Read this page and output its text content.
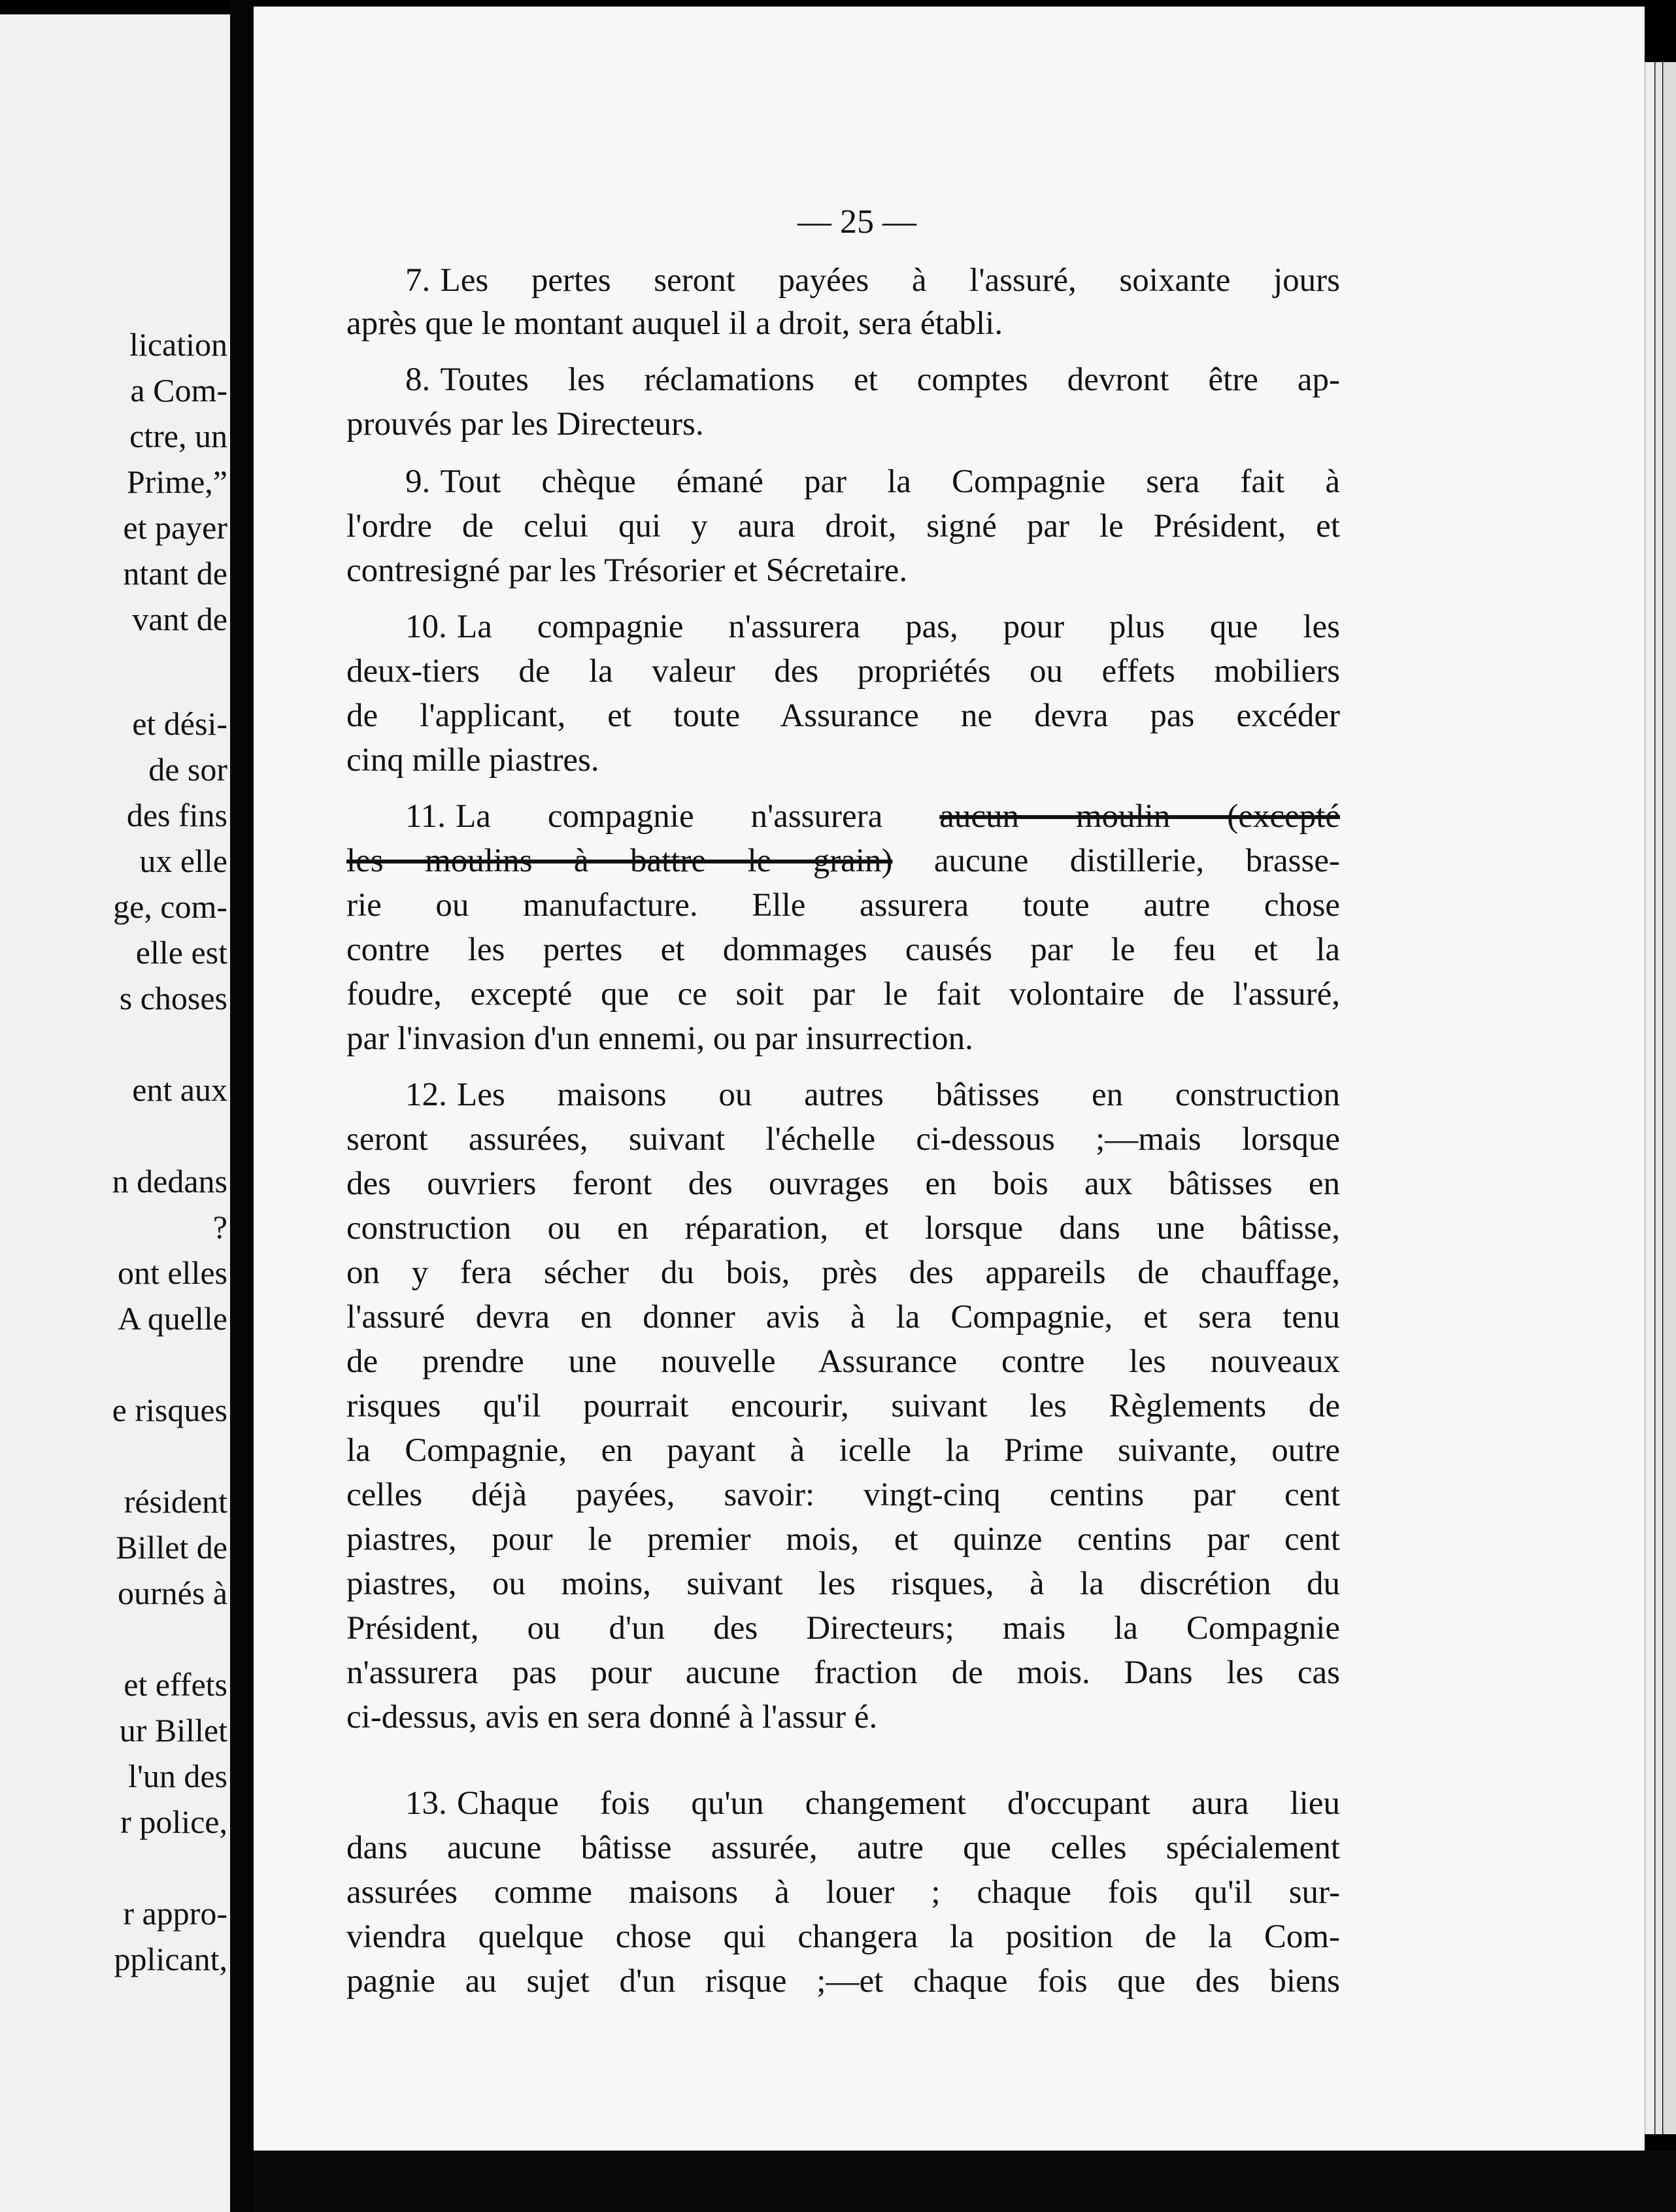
lication
a Com-
ctre, un
Prime,”
et payer
ntant de
vant de
et dési-
de sor
des fins
ux elle
ge, com-
elle est
s choses
ent aux
n dedans
?
ont elles
A quelle
e risques
résident
Billet de
ournés à
et effets
ur Billet
l'un des
r police,
r appro-
pplicant,
— 25 —
7. Les pertes seront payées à l'assuré, soixante jours
après que le montant auquel il a droit, sera établi.
8. Toutes les réclamations et comptes devront être ap-
prouvés par les Directeurs.
9. Tout chèque émané par la Compagnie sera fait à
l'ordre de celui qui y aura droit, signé par le Président, et
contresigné par les Trésorier et Sécretaire.
10. La compagnie n'assurera pas, pour plus que les
deux-tiers de la valeur des propriétés ou effets mobiliers
de l'applicant, et toute Assurance ne devra pas excéder
cinq mille piastres.
11. La compagnie n'assurera aucun moulin (excepté
les moulins à battre le grain) aucune distillerie, brasse-
rie ou manufacture. Elle assurera toute autre chose
contre les pertes et dommages causés par le feu et la
foudre, excepté que ce soit par le fait volontaire de l'assuré,
par l'invasion d'un ennemi, ou par insurrection.
12. Les maisons ou autres bâtisses en construction
seront assurées, suivant l'échelle ci-dessous ;—mais lorsque
des ouvriers feront des ouvrages en bois aux bâtisses en
construction ou en réparation, et lorsque dans une bâtisse,
on y fera sécher du bois, près des appareils de chauffage,
l'assuré devra en donner avis à la Compagnie, et sera tenu
de prendre une nouvelle Assurance contre les nouveaux
risques qu'il pourrait encourir, suivant les Règlements de
la Compagnie, en payant à icelle la Prime suivante, outre
celles déjà payées, savoir: vingt-cinq centins par cent
piastres, pour le premier mois, et quinze centins par cent
piastres, ou moins, suivant les risques, à la discrétion du
Président, ou d'un des Directeurs; mais la Compagnie
n'assurera pas pour aucune fraction de mois. Dans les cas
ci-dessus, avis en sera donné à l'assur é.
13. Chaque fois qu'un changement d'occupant aura lieu
dans aucune bâtisse assurée, autre que celles spécialement
assurées comme maisons à louer ; chaque fois qu'il sur-
viendra quelque chose qui changera la position de la Com-
pagnie au sujet d'un risque ;—et chaque fois que des biens
